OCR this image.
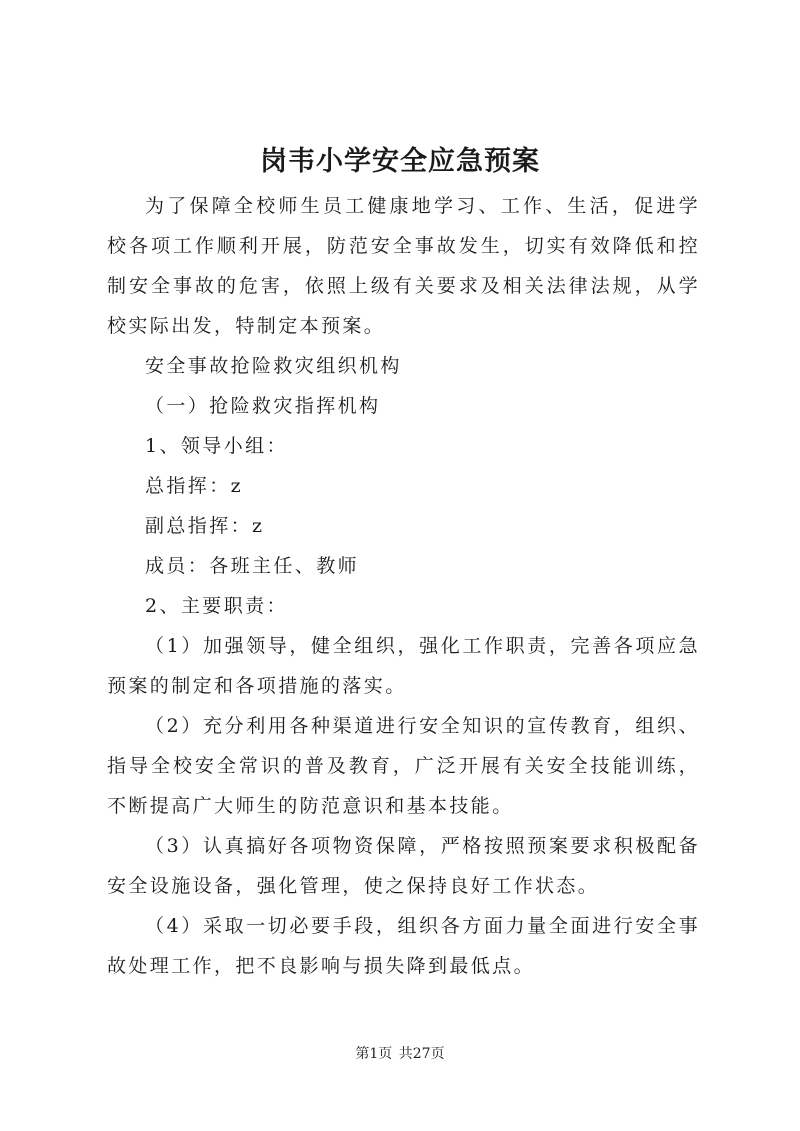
岗韦小学安全应急预案

为了保障全校师生员工健康地学习、工作、生活，促进学校各项工作顺利开展，防范安全事故发生，切实有效降低和控制安全事故的危害，依照上级有关要求及相关法律法规，从学校实际出发，特制定本预案。

安全事故抢险救灾组织机构

（一）抢险救灾指挥机构

1、领导小组：

总指挥：z

副总指挥：z

成员：各班主任、教师

2、主要职责：

（1）加强领导，健全组织，强化工作职责，完善各项应急预案的制定和各项措施的落实。

（2）充分利用各种渠道进行安全知识的宣传教育，组织、指导全校安全常识的普及教育，广泛开展有关安全技能训练，不断提高广大师生的防范意识和基本技能。

（3）认真搞好各项物资保障，严格按照预案要求积极配备安全设施设备，强化管理，使之保持良好工作状态。

（4）采取一切必要手段，组织各方面力量全面进行安全事故处理工作，把不良影响与损失降到最低点。

第1页 共27页
